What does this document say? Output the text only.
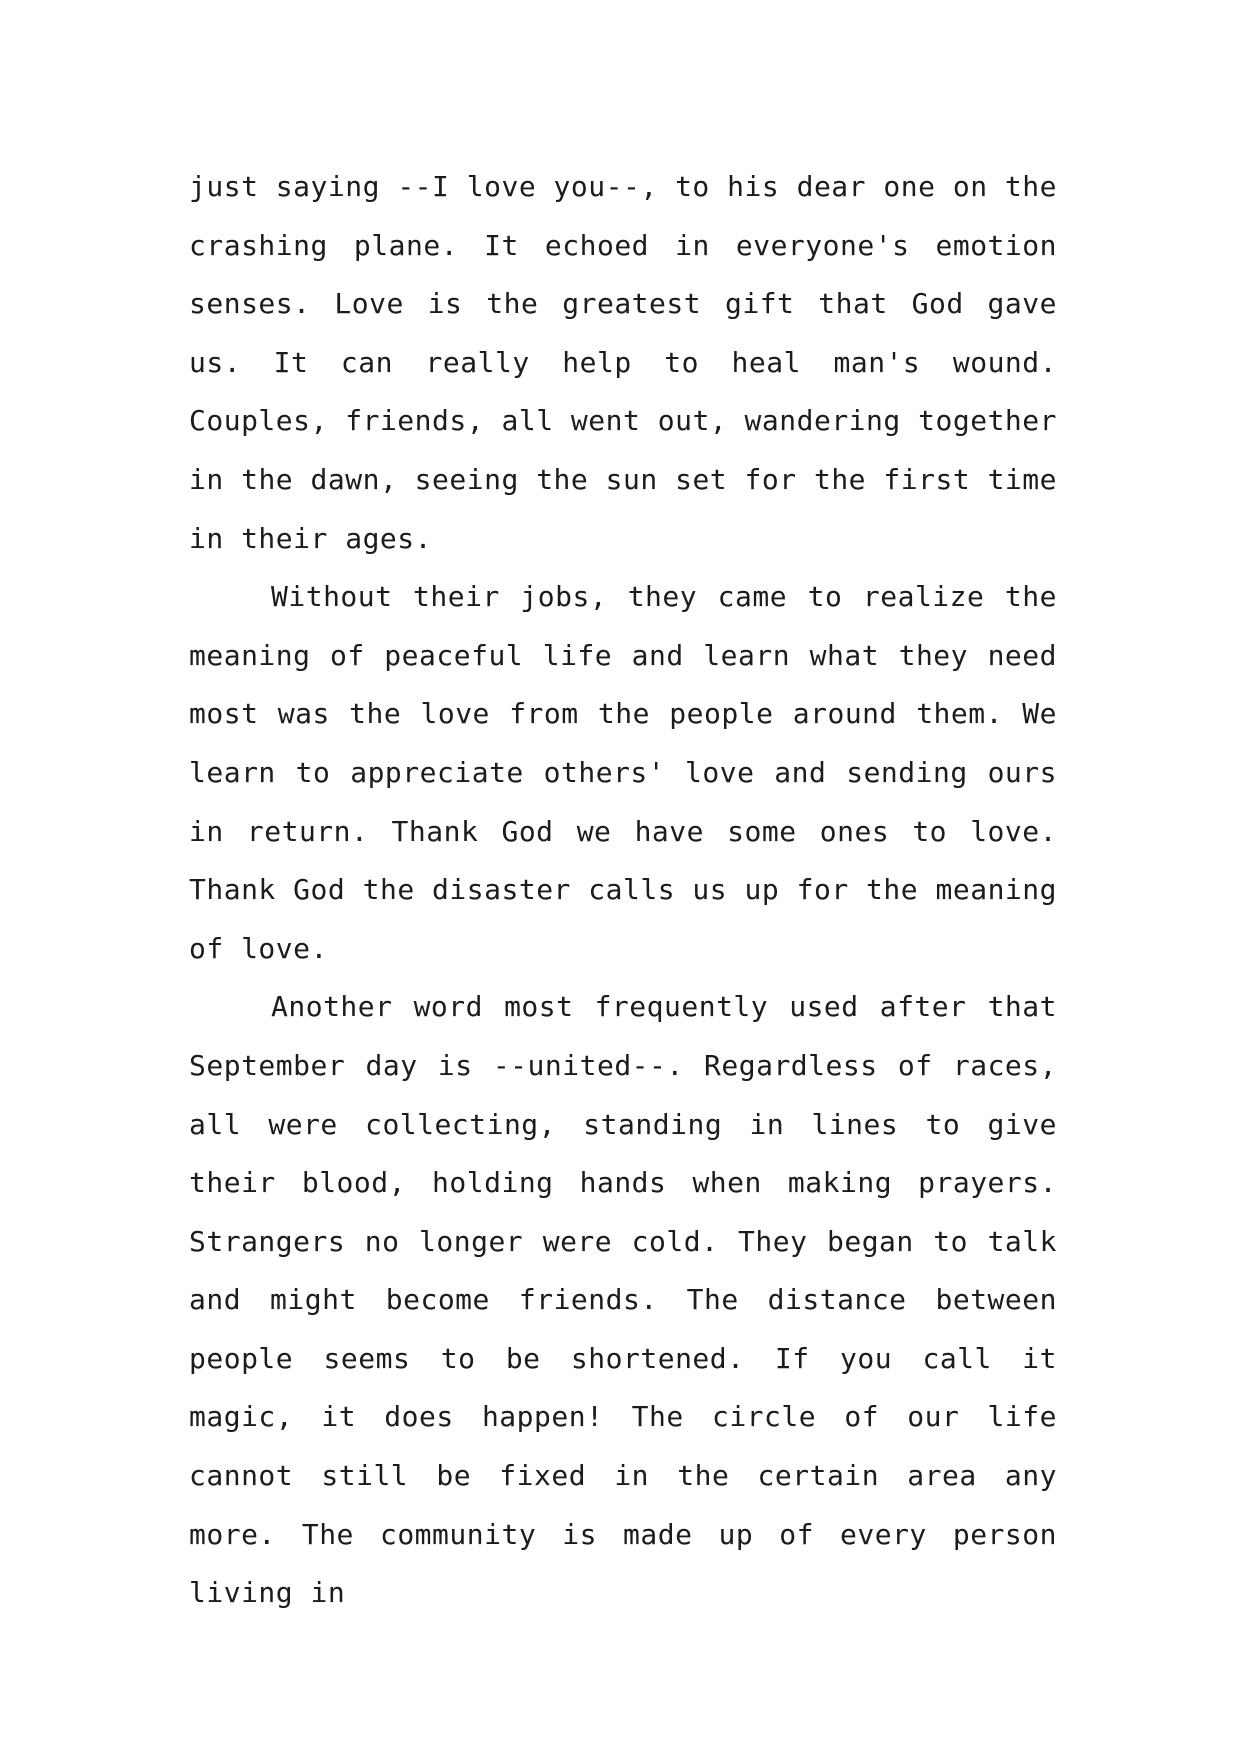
just saying --I love you--, to his dear one on the crashing plane. It echoed in everyone's emotion senses. Love is the greatest gift that God gave us. It can really help to heal man's wound. Couples, friends, all went out, wandering together in the dawn, seeing the sun set for the first time in their ages.

Without their jobs, they came to realize the meaning of peaceful life and learn what they need most was the love from the people around them. We learn to appreciate others' love and sending ours in return. Thank God we have some ones to love. Thank God the disaster calls us up for the meaning of love.

Another word most frequently used after that September day is --united--. Regardless of races, all were collecting, standing in lines to give their blood, holding hands when making prayers. Strangers no longer were cold. They began to talk and might become friends. The distance between people seems to be shortened. If you call it magic, it does happen! The circle of our life cannot still be fixed in the certain area any more. The community is made up of every person living in
